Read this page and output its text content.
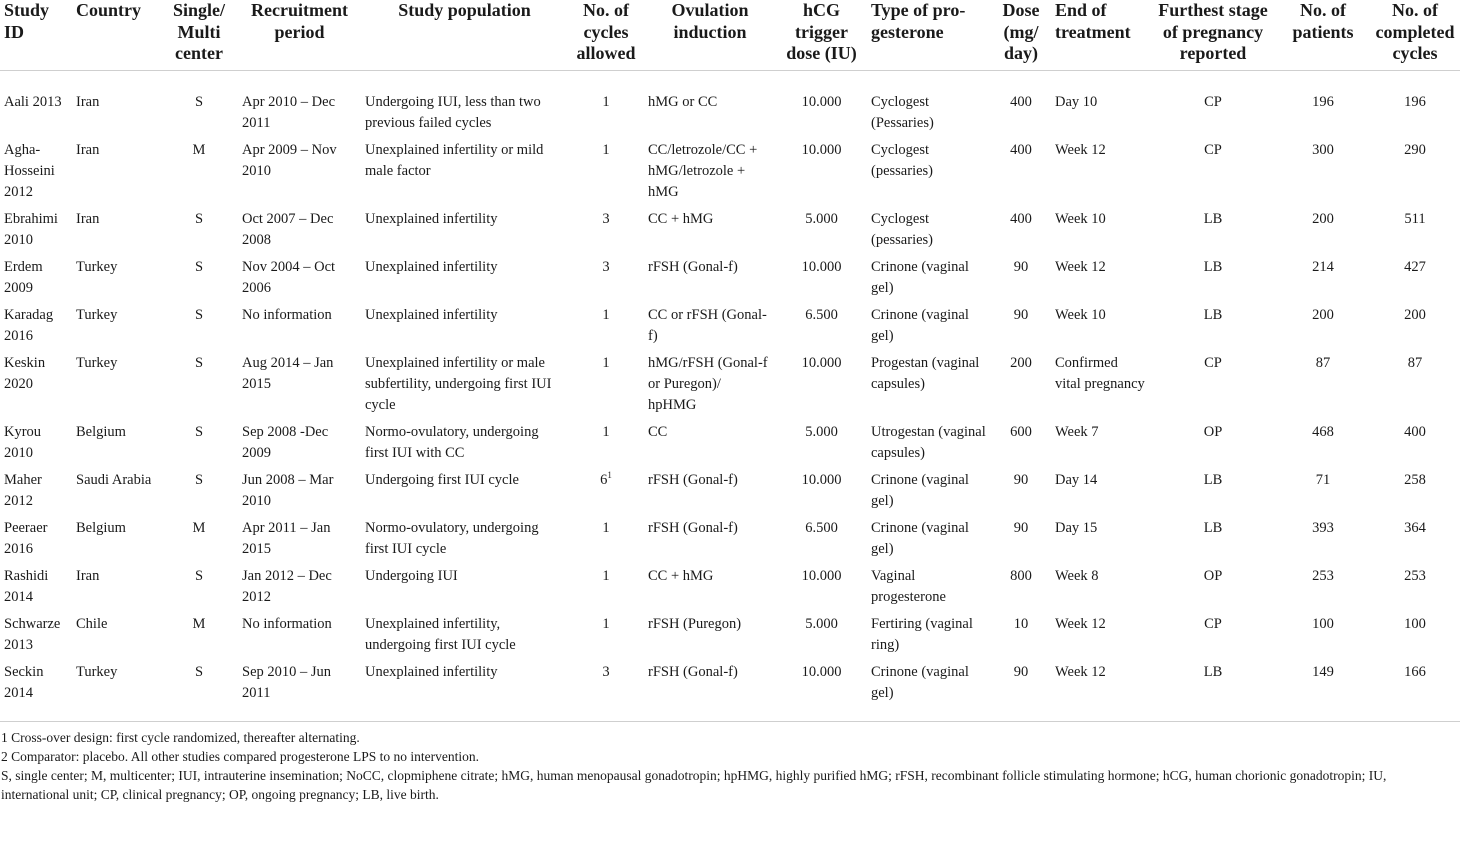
Study ID	Country	Single/ Multi center	Recruitment period	Study population	No. of cycles allowed	Ovulation induction	hCG trigger dose (IU)	Type of pro- gesterone	Dose (mg/ day)	End of treatment	Furthest stage of pregnancy reported	No. of patients	No. of completed cycles
Aali 2013	Iran	S	Apr 2010 – Dec 2011	Undergoing IUI, less than two previous failed cycles	1	hMG or CC	10.000	Cyclogest (Pessaries)	400	Day 10	CP	196	196
Agha-Hosseini 2012	Iran	M	Apr 2009 – Nov 2010	Unexplained infertility or mild male factor	1	CC/letrozole/CC + hMG/letrozole + hMG	10.000	Cyclogest (pessaries)	400	Week 12	CP	300	290
Ebrahimi 2010	Iran	S	Oct 2007 – Dec 2008	Unexplained infertility	3	CC + hMG	5.000	Cyclogest (pessaries)	400	Week 10	LB	200	511
Erdem 2009	Turkey	S	Nov 2004 – Oct 2006	Unexplained infertility	3	rFSH (Gonal-f)	10.000	Crinone (vaginal gel)	90	Week 12	LB	214	427
Karadag 2016	Turkey	S	No information	Unexplained infertility	1	CC or rFSH (Gonal-f)	6.500	Crinone (vaginal gel)	90	Week 10	LB	200	200
Keskin 2020	Turkey	S	Aug 2014 – Jan 2015	Unexplained infertility or male subfertility, undergoing first IUI cycle	1	hMG/rFSH (Gonal-f or Puregon)/ hpHMG	10.000	Progestan (vaginal capsules)	200	Confirmed vital pregnancy	CP	87	87
Kyrou 2010	Belgium	S	Sep 2008 -Dec 2009	Normo-ovulatory, undergoing first IUI with CC	1	CC	5.000	Utrogestan (vaginal capsules)	600	Week 7	OP	468	400
Maher 2012	Saudi Arabia	S	Jun 2008 – Mar 2010	Undergoing first IUI cycle	$6^1$	rFSH (Gonal-f)	10.000	Crinone (vaginal gel)	90	Day 14	LB	71	258
Peeraer 2016	Belgium	M	Apr 2011 – Jan 2015	Normo-ovulatory, undergoing first IUI cycle	1	rFSH (Gonal-f)	6.500	Crinone (vaginal gel)	90	Day 15	LB	393	364
Rashidi 2014	Iran	S	Jan 2012 – Dec 2012	Undergoing IUI	1	CC + hMG	10.000	Vaginal progesterone	800	Week 8	OP	253	253
Schwarze 2013	Chile	M	No information	Unexplained infertility, undergoing first IUI cycle	1	rFSH (Puregon)	5.000	Fertiring (vaginal ring)	10	Week 12	CP	100	100
Seckin 2014	Turkey	S	Sep 2010 – Jun 2011	Unexplained infertility	3	rFSH (Gonal-f)	10.000	Crinone (vaginal gel)	90	Week 12	LB	149	166
1 Cross-over design: first cycle randomized, thereafter alternating.
2 Comparator: placebo. All other studies compared progesterone LPS to no intervention.
S, single center; M, multicenter; IUI, intrauterine insemination; NoCC, clopmiphene citrate; hMG, human menopausal gonadotropin; hpHMG, highly purified hMG; rFSH, recombinant follicle stimulating hormone; hCG, human chorionic gonadotropin; IU,
international unit; CP, clinical pregnancy; OP, ongoing pregnancy; LB, live birth.
